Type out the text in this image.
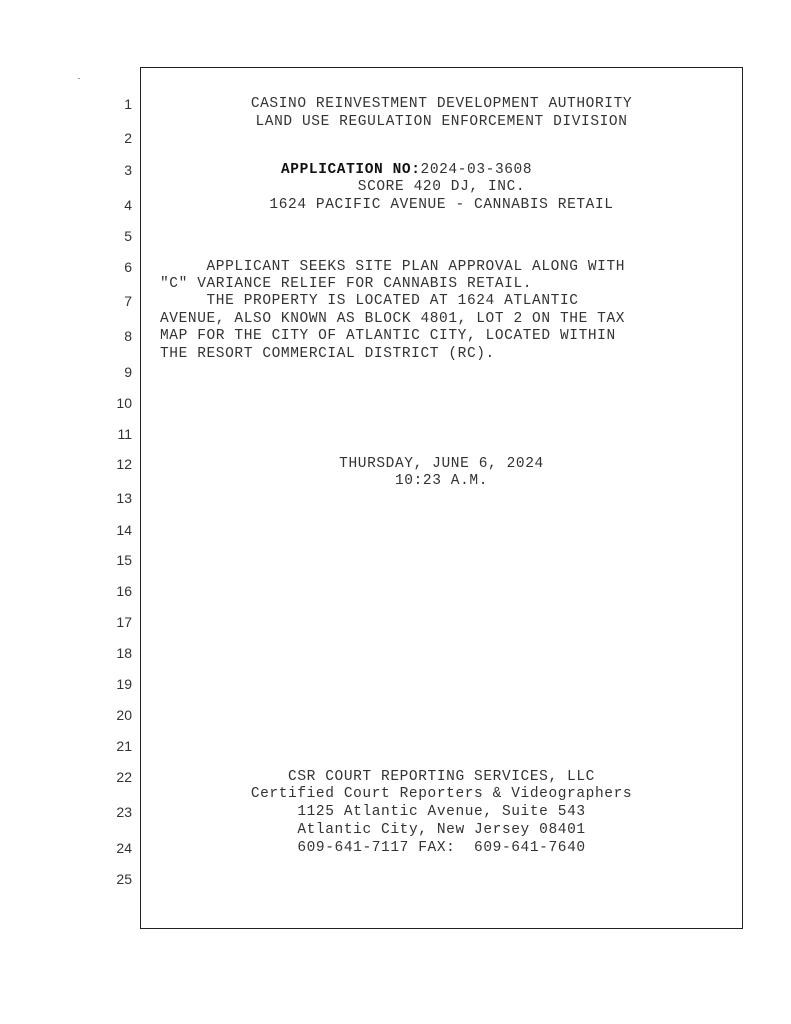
1
2
3
4
5
6
7
8
9
10
11
12
13
14
15
16
17
18
19
20
21
22
23
24
25
CASINO REINVESTMENT DEVELOPMENT AUTHORITY
LAND USE REGULATION ENFORCEMENT DIVISION
APPLICATION NO:2024-03-3608
SCORE 420 DJ, INC.
1624 PACIFIC AVENUE - CANNABIS RETAIL
APPLICANT SEEKS SITE PLAN APPROVAL ALONG WITH
"C" VARIANCE RELIEF FOR CANNABIS RETAIL.
THE PROPERTY IS LOCATED AT 1624 ATLANTIC
AVENUE, ALSO KNOWN AS BLOCK 4801, LOT 2 ON THE TAX
MAP FOR THE CITY OF ATLANTIC CITY, LOCATED WITHIN
THE RESORT COMMERCIAL DISTRICT (RC).
THURSDAY, JUNE 6, 2024
10:23 A.M.
CSR COURT REPORTING SERVICES, LLC
Certified Court Reporters & Videographers
1125 Atlantic Avenue, Suite 543
Atlantic City, New Jersey 08401
609-641-7117 FAX:  609-641-7640
